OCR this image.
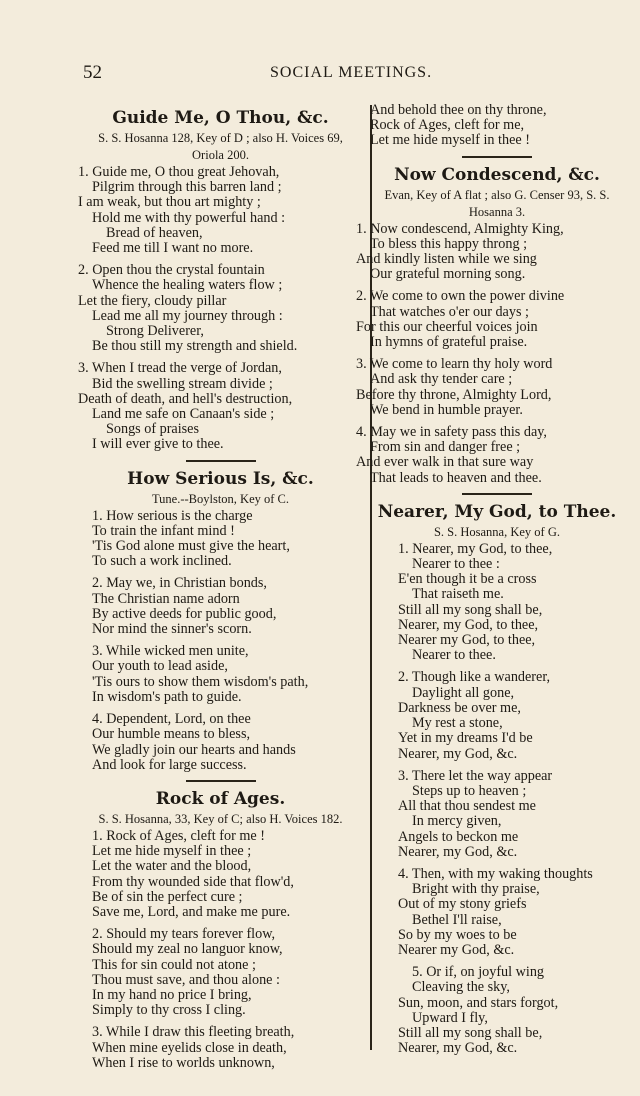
52	SOCIAL MEETINGS.
Guide Me, O Thou, &c.
S. S. Hosanna 128, Key of D ; also H. Voices 69,
Oriola 200.
1. Guide me, O thou great Jehovah,
Pilgrim through this barren land ;
I am weak, but thou art mighty ;
Hold me with thy powerful hand :
Bread of heaven,
Feed me till I want no more.
2. Open thou the crystal fountain
Whence the healing waters flow ;
Let the fiery, cloudy pillar
Lead me all my journey through :
Strong Deliverer,
Be thou still my strength and shield.
3. When I tread the verge of Jordan,
Bid the swelling stream divide ;
Death of death, and hell's destruction,
Land me safe on Canaan's side ;
Songs of praises
I will ever give to thee.
How Serious Is, &c.
Tune.--Boylston, Key of C.
1. How serious is the charge
To train the infant mind !
'Tis God alone must give the heart,
To such a work inclined.
2. May we, in Christian bonds,
The Christian name adorn
By active deeds for public good,
Nor mind the sinner's scorn.
3. While wicked men unite,
Our youth to lead aside,
'Tis ours to show them wisdom's path,
In wisdom's path to guide.
4. Dependent, Lord, on thee
Our humble means to bless,
We gladly join our hearts and hands
And look for large success.
Rock of Ages.
S. S. Hosanna, 33, Key of C; also H. Voices 182.
1. Rock of Ages, cleft for me !
Let me hide myself in thee ;
Let the water and the blood,
From thy wounded side that flow'd,
Be of sin the perfect cure ;
Save me, Lord, and make me pure.
2. Should my tears forever flow,
Should my zeal no languor know,
This for sin could not atone ;
Thou must save, and thou alone :
In my hand no price I bring,
Simply to thy cross I cling.
3. While I draw this fleeting breath,
When mine eyelids close in death,
When I rise to worlds unknown,
And behold thee on thy throne,
Rock of Ages, cleft for me,
Let me hide myself in thee !
Now Condescend, &c.
Evan, Key of A flat ; also G. Censer 93, S. S.
Hosanna 3.
1. Now condescend, Almighty King,
To bless this happy throng ;
And kindly listen while we sing
Our grateful morning song.
2. We come to own the power divine
That watches o'er our days ;
For this our cheerful voices join
In hymns of grateful praise.
3. We come to learn thy holy word
And ask thy tender care ;
Before thy throne, Almighty Lord,
We bend in humble prayer.
4. May we in safety pass this day,
From sin and danger free ;
And ever walk in that sure way
That leads to heaven and thee.
Nearer, My God, to Thee.
S. S. Hosanna, Key of G.
1. Nearer, my God, to thee,
Nearer to thee :
E'en though it be a cross
That raiseth me.
Still all my song shall be,
Nearer, my God, to thee,
Nearer my God, to thee,
Nearer to thee.
2. Though like a wanderer,
Daylight all gone,
Darkness be over me,
My rest a stone,
Yet in my dreams I'd be
Nearer, my God, &c.
3. There let the way appear
Steps up to heaven ;
All that thou sendest me
In mercy given,
Angels to beckon me
Nearer, my God, &c.
4. Then, with my waking thoughts
Bright with thy praise,
Out of my stony griefs
Bethel I'll raise,
So by my woes to be
Nearer my God, &c.
5. Or if, on joyful wing
Cleaving the sky,
Sun, moon, and stars forgot,
Upward I fly,
Still all my song shall be,
Nearer, my God, &c.
